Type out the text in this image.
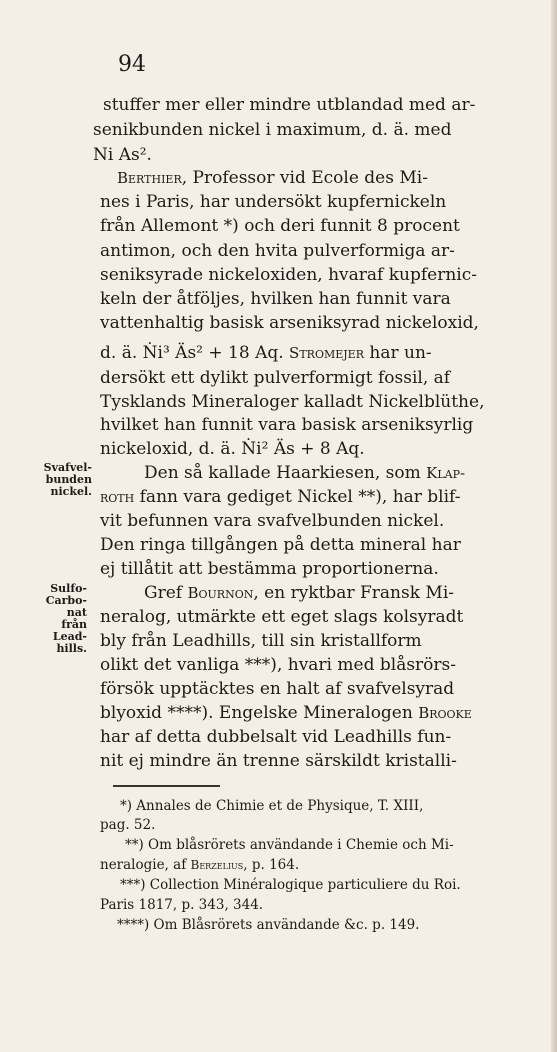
94
stuffer mer eller mindre utblandad med ar-
senikbunden nickel i maximum, d. ä. med
Ni As².
Berthier, Professor vid Ecole des Mi-
nes i Paris, har undersökt kupfernickeln
från Allemont *) och deri funnit 8 procent
antimon, och den hvita pulverformiga ar-
seniksyrade nickeloxiden, hvaraf kupfernic-
keln der åtföljes, hvilken han funnit vara
vattenhaltig basisk arseniksyrad nickeloxid,
d. ä. Ṅi³ Äs² + 18 Aq. Stromejer har un-
dersökt ett dylikt pulverformigt fossil, af
Tysklands Mineraloger kalladt Nickelblüthe,
hvilket han funnit vara basisk arseniksyrlig
nickeloxid, d. ä. Ṅi² Äs + 8 Aq.
Den så kallade Haarkiesen, som Klap-
roth fann vara gediget Nickel **), har blif-
vit befunnen vara svafvelbunden nickel.
Den ringa tillgången på detta mineral har
ej tillåtit att bestämma proportionerna.
Gref Bournon, en ryktbar Fransk Mi-
neralog, utmärkte ett eget slags kolsyradt
bly från Leadhills, till sin kristallform
olikt det vanliga ***), hvari med blåsrörs-
försök upptäcktes en halt af svafvelsyrad
blyoxid ****). Engelske Mineralogen Brooke
har af detta dubbelsalt vid Leadhills fun-
nit ej mindre än trenne särskildt kristalli-
Svafvel-
bunden
nickel.
Sulfo-
Carbo-
nat
från
Lead-
hills.
*) Annales de Chimie et de Physique, T. XIII,
pag. 52.
**) Om blåsrörets användande i Chemie och Mi-
neralogie, af Berzelius, p. 164.
***) Collection Minéralogique particuliere du Roi.
Paris 1817, p. 343, 344.
****) Om Blåsrörets användande &c. p. 149.
